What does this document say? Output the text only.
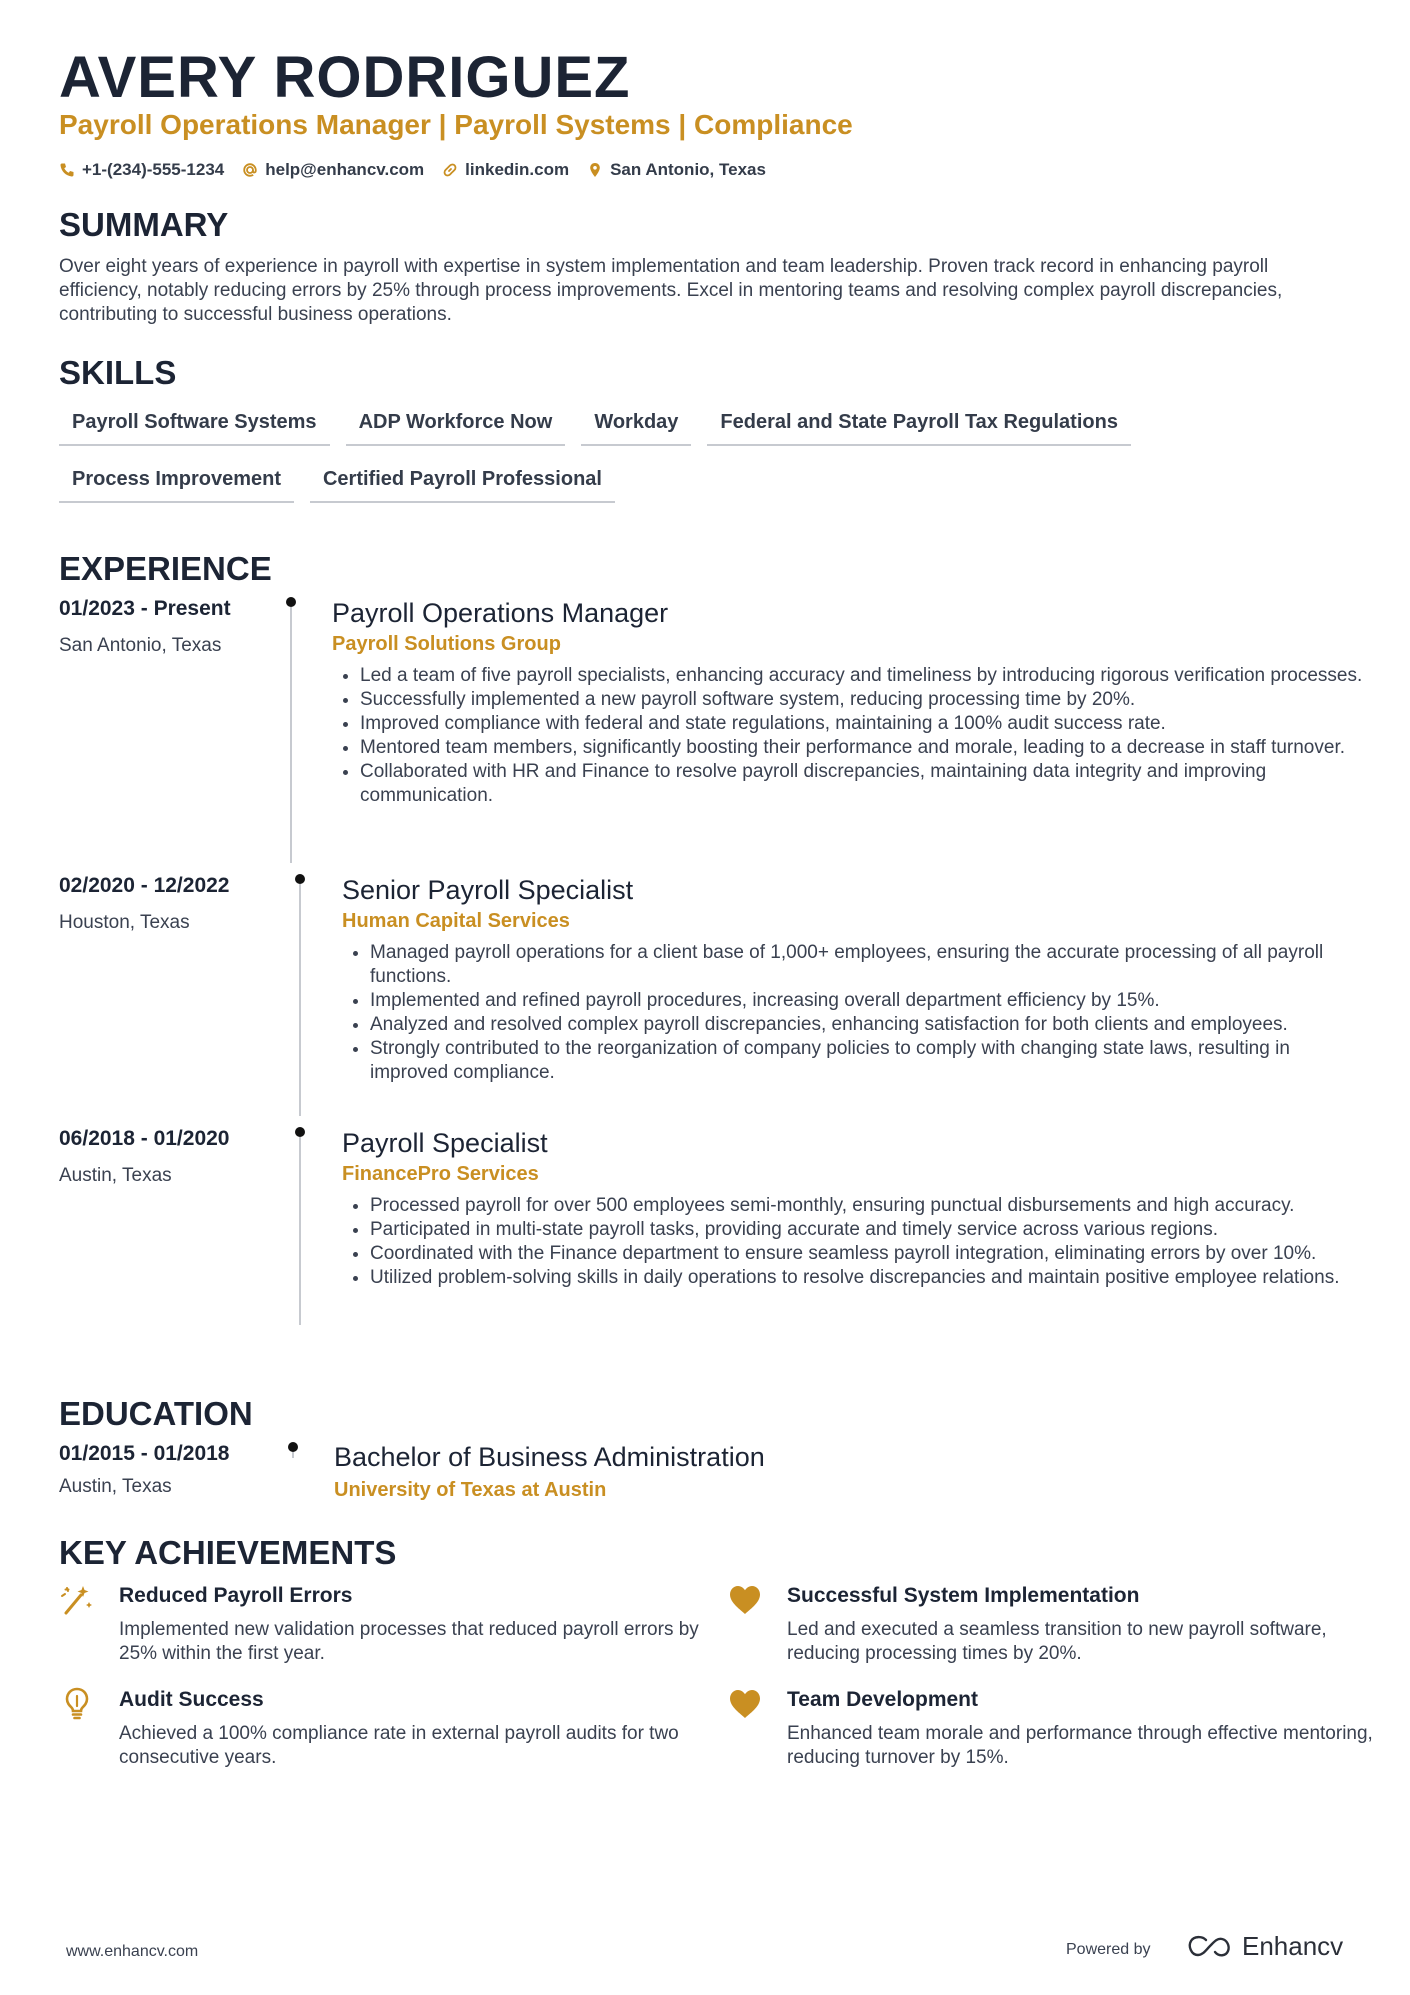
AVERY RODRIGUEZ
Payroll Operations Manager | Payroll Systems | Compliance
+1-(234)-555-1234 help@enhancv.com linkedin.com San Antonio, Texas
SUMMARY
Over eight years of experience in payroll with expertise in system implementation and team leadership. Proven track record in enhancing payroll efficiency, notably reducing errors by 25% through process improvements. Excel in mentoring teams and resolving complex payroll discrepancies, contributing to successful business operations.
SKILLS
Payroll Software Systems	ADP Workforce Now	Workday	Federal and State Payroll Tax Regulations
Process Improvement	Certified Payroll Professional
EXPERIENCE
01/2023 - Present
San Antonio, Texas
Payroll Operations Manager
Payroll Solutions Group
• Led a team of five payroll specialists, enhancing accuracy and timeliness by introducing rigorous verification processes.
• Successfully implemented a new payroll software system, reducing processing time by 20%.
• Improved compliance with federal and state regulations, maintaining a 100% audit success rate.
• Mentored team members, significantly boosting their performance and morale, leading to a decrease in staff turnover.
• Collaborated with HR and Finance to resolve payroll discrepancies, maintaining data integrity and improving communication.
02/2020 - 12/2022
Houston, Texas
Senior Payroll Specialist
Human Capital Services
• Managed payroll operations for a client base of 1,000+ employees, ensuring the accurate processing of all payroll functions.
• Implemented and refined payroll procedures, increasing overall department efficiency by 15%.
• Analyzed and resolved complex payroll discrepancies, enhancing satisfaction for both clients and employees.
• Strongly contributed to the reorganization of company policies to comply with changing state laws, resulting in improved compliance.
06/2018 - 01/2020
Austin, Texas
Payroll Specialist
FinancePro Services
• Processed payroll for over 500 employees semi-monthly, ensuring punctual disbursements and high accuracy.
• Participated in multi-state payroll tasks, providing accurate and timely service across various regions.
• Coordinated with the Finance department to ensure seamless payroll integration, eliminating errors by over 10%.
• Utilized problem-solving skills in daily operations to resolve discrepancies and maintain positive employee relations.
EDUCATION
01/2015 - 01/2018
Austin, Texas
Bachelor of Business Administration
University of Texas at Austin
KEY ACHIEVEMENTS
Reduced Payroll Errors
Implemented new validation processes that reduced payroll errors by 25% within the first year.
Successful System Implementation
Led and executed a seamless transition to new payroll software, reducing processing times by 20%.
Audit Success
Achieved a 100% compliance rate in external payroll audits for two consecutive years.
Team Development
Enhanced team morale and performance through effective mentoring, reducing turnover by 15%.
www.enhancv.com	Powered by	Enhancv
